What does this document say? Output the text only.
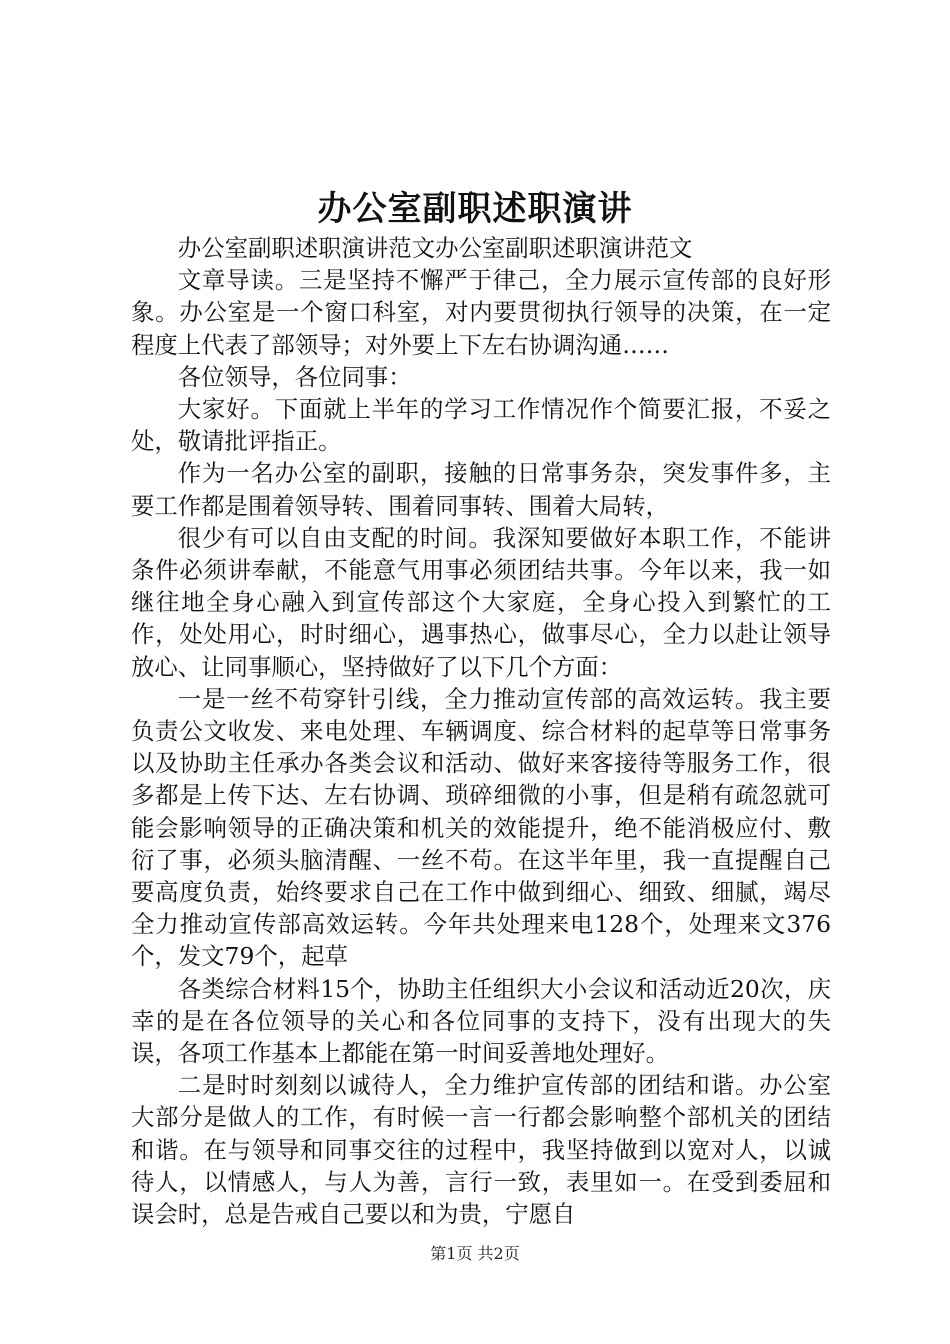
办公室副职述职演讲

办公室副职述职演讲范文办公室副职述职演讲范文

文章导读。三是坚持不懈严于律己，全力展示宣传部的良好形象。办公室是一个窗口科室，对内要贯彻执行领导的决策，在一定程度上代表了部领导；对外要上下左右协调沟通……

各位领导，各位同事：

大家好。下面就上半年的学习工作情况作个简要汇报，不妥之处，敬请批评指正。

作为一名办公室的副职，接触的日常事务杂，突发事件多，主要工作都是围着领导转、围着同事转、围着大局转，

很少有可以自由支配的时间。我深知要做好本职工作，不能讲条件必须讲奉献，不能意气用事必须团结共事。今年以来，我一如继往地全身心融入到宣传部这个大家庭，全身心投入到繁忙的工作，处处用心，时时细心，遇事热心，做事尽心，全力以赴让领导放心、让同事顺心，坚持做好了以下几个方面：

一是一丝不苟穿针引线，全力推动宣传部的高效运转。我主要负责公文收发、来电处理、车辆调度、综合材料的起草等日常事务以及协助主任承办各类会议和活动、做好来客接待等服务工作，很多都是上传下达、左右协调、琐碎细微的小事，但是稍有疏忽就可能会影响领导的正确决策和机关的效能提升，绝不能消极应付、敷衍了事，必须头脑清醒、一丝不苟。在这半年里，我一直提醒自己要高度负责，始终要求自己在工作中做到细心、细致、细腻，竭尽全力推动宣传部高效运转。今年共处理来电128个，处理来文376个，发文79个，起草

各类综合材料15个，协助主任组织大小会议和活动近20次，庆幸的是在各位领导的关心和各位同事的支持下，没有出现大的失误，各项工作基本上都能在第一时间妥善地处理好。

二是时时刻刻以诚待人，全力维护宣传部的团结和谐。办公室大部分是做人的工作，有时候一言一行都会影响整个部机关的团结和谐。在与领导和同事交往的过程中，我坚持做到以宽对人，以诚待人，以情感人，与人为善，言行一致，表里如一。在受到委屈和误会时，总是告戒自己要以和为贵，宁愿自

第1页 共2页
